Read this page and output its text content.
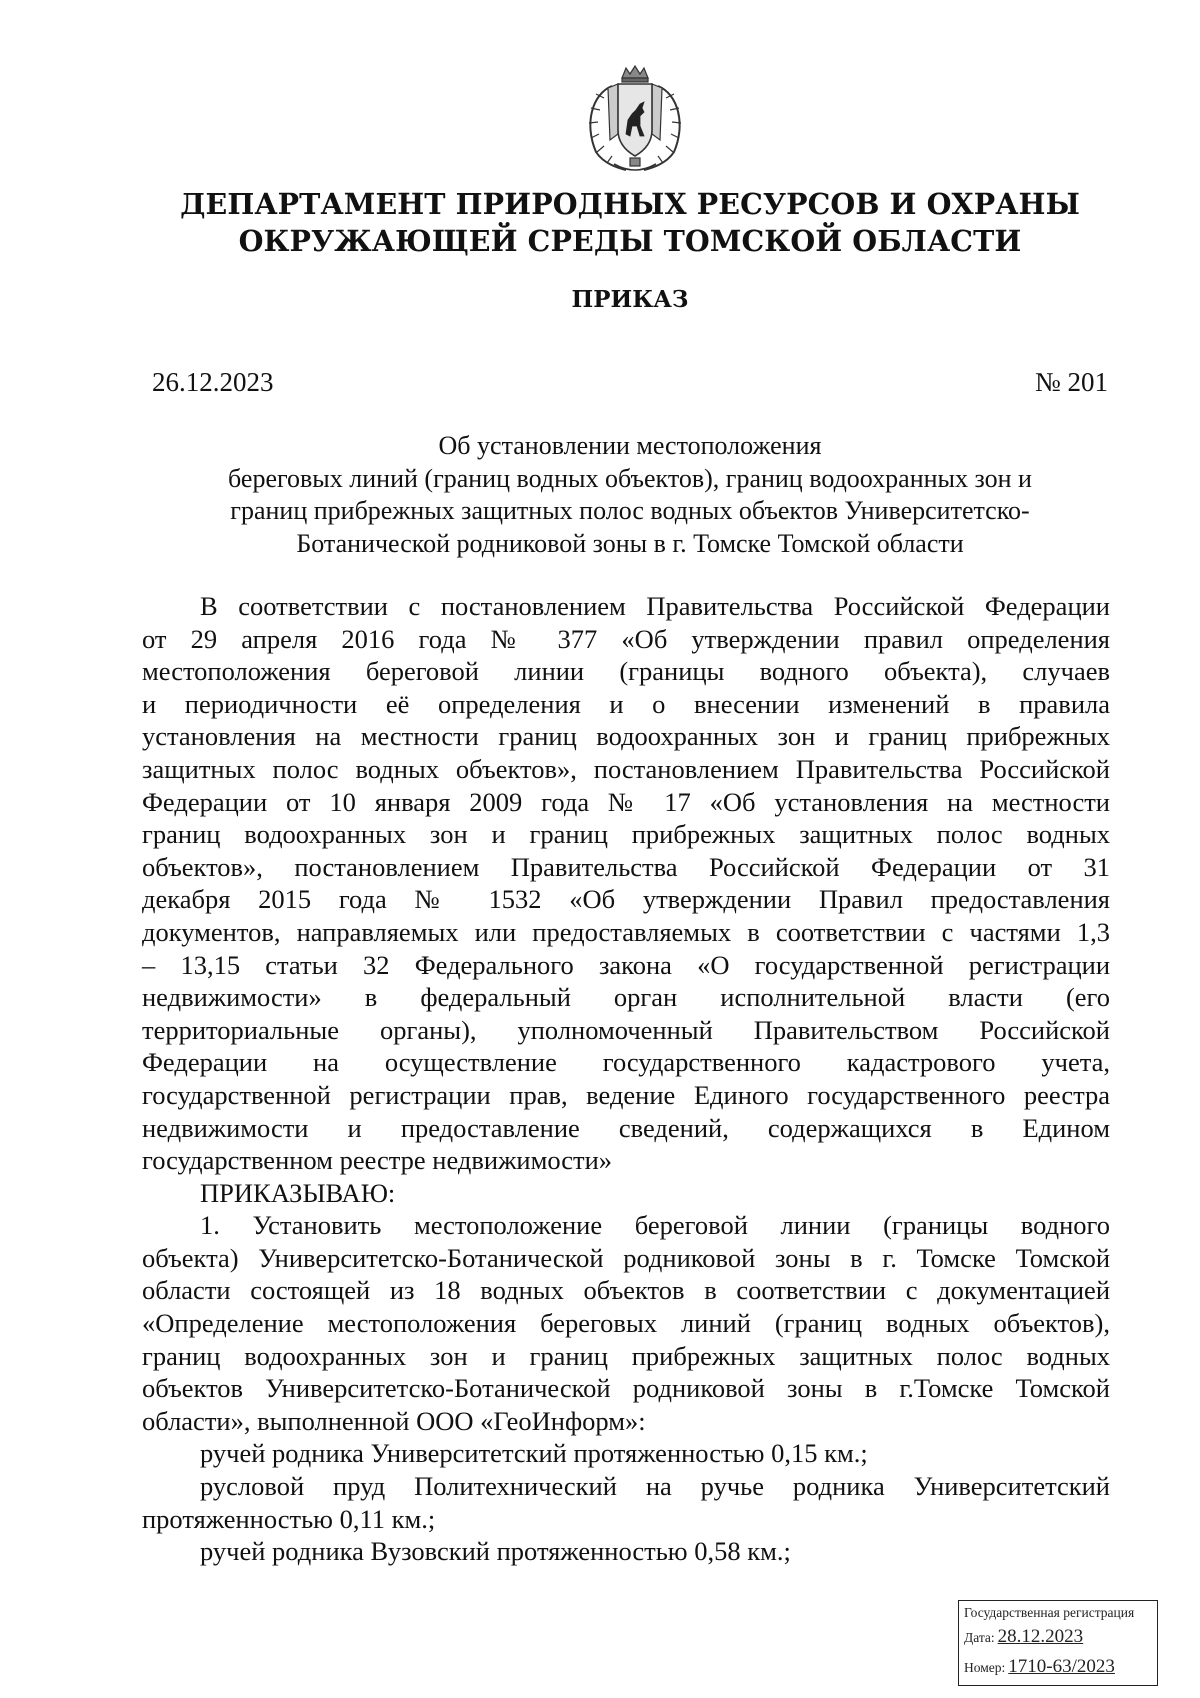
ДЕПАРТАМЕНТ ПРИРОДНЫХ РЕСУРСОВ И ОХРАНЫ
ОКРУЖАЮЩЕЙ СРЕДЫ ТОМСКОЙ ОБЛАСТИ
ПРИКАЗ
26.12.2023	№ 201
Об установлении местоположения
береговых линий (границ водных объектов), границ водоохранных зон и
границ прибрежных защитных полос водных объектов Университетско-
Ботанической родниковой зоны в г. Томске Томской области
В соответствии с постановлением Правительства Российской Федерации
от 29 апреля 2016 года № 377 «Об утверждении правил определения
местоположения береговой линии (границы водного объекта), случаев
и периодичности её определения и о внесении изменений в правила
установления на местности границ водоохранных зон и границ прибрежных
защитных полос водных объектов», постановлением Правительства Российской
Федерации от 10 января 2009 года № 17 «Об установления на местности
границ водоохранных зон и границ прибрежных защитных полос водных
объектов», постановлением Правительства Российской Федерации от 31
декабря 2015 года № 1532 «Об утверждении Правил предоставления
документов, направляемых или предоставляемых в соответствии с частями 1,3
– 13,15 статьи 32 Федерального закона «О государственной регистрации
недвижимости» в федеральный орган исполнительной власти (его
территориальные органы), уполномоченный Правительством Российской
Федерации на осуществление государственного кадастрового учета,
государственной регистрации прав, ведение Единого государственного реестра
недвижимости и предоставление сведений, содержащихся в Едином
государственном реестре недвижимости»
ПРИКАЗЫВАЮ:
1. Установить местоположение береговой линии (границы водного
объекта) Университетско-Ботанической родниковой зоны в г. Томске Томской
области состоящей из 18 водных объектов в соответствии с документацией
«Определение местоположения береговых линий (границ водных объектов),
границ водоохранных зон и границ прибрежных защитных полос водных
объектов Университетско-Ботанической родниковой зоны в г.Томске Томской
области», выполненной ООО «ГеоИнформ»:
ручей родника Университетский протяженностью 0,15 км.;
русловой пруд Политехнический на ручье родника Университетский
протяженностью 0,11 км.;
ручей родника Вузовский протяженностью 0,58 км.;
Государственная регистрация
Дата: 28.12.2023
Номер: 1710-63/2023
